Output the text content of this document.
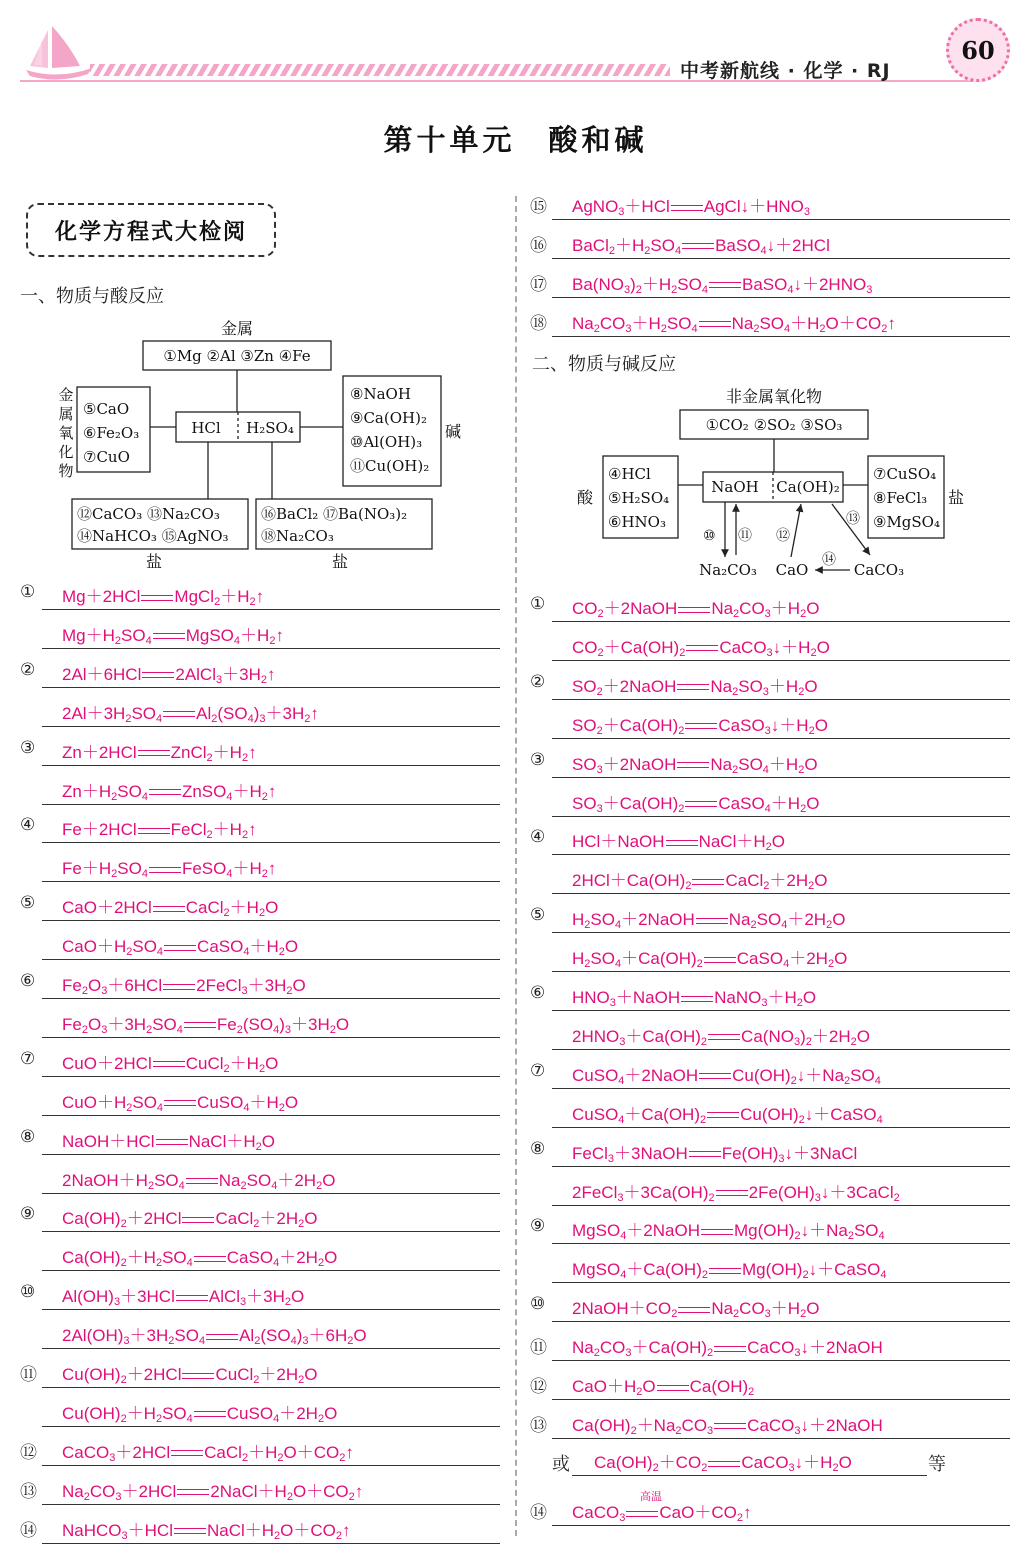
中考新航线 · 化学 · RJ
60
第十单元　酸和碱
化学方程式大检阅
一、物质与酸反应
金属
①Mg ②Al ③Zn ④Fe
金
属
氧
化
物
⑤CaO
⑥Fe₂O₃
⑦CuO
HCl H₂SO₄
⑧NaOH
⑨Ca(OH)₂
⑩Al(OH)₃
⑪Cu(OH)₂
碱
⑫CaCO₃ ⑬Na₂CO₃
⑭NaHCO₃ ⑮AgNO₃
盐
⑯BaCl₂ ⑰Ba(NO₃)₂
⑱Na₂CO₃
盐
① Mg＋2HCl $MgCl_2+H_2↑$
$Mg+H_2SO_4$ $MgSO_4+H_2↑$
② 2Al＋6HCl $2AlCl_3+3H_2↑$
$2Al+3H_2SO_4$ $Al_2(SO_4)_3+3H_2↑$
③ Zn＋2HCl $ZnCl_2+H_2↑$
$Zn+H_2SO_4$ $ZnSO_4+H_2↑$
④ Fe＋2HCl $FeCl_2+H_2↑$
$Fe+H_2SO_4$ $FeSO_4+H_2↑$
⑤ CaO＋2HCl $CaCl_2+H_2O$
$CaO+H_2SO_4$ $CaSO_4+H_2O$
⑥ $Fe_2O_3+6HCl$ $2FeCl_3+3H_2O$
$Fe_2O_3+3H_2SO_4$ $Fe_2(SO_4)_3+3H_2O$
⑦ CuO＋2HCl $CuCl_2+H_2O$
$CuO+H_2SO_4$ $CuSO_4+H_2O$
⑧ NaOH＋HCl $NaCl+H_2O$
$2NaOH+H_2SO_4$ $Na_2SO_4+2H_2O$
⑨ $Ca(OH)_2+2HCl$ $CaCl_2+2H_2O$
$Ca(OH)_2+H_2SO_4$ $CaSO_4+2H_2O$
⑩ $Al(OH)_3+3HCl$ $AlCl_3+3H_2O$
$2Al(OH)_3+3H_2SO_4$ $Al_2(SO_4)_3+6H_2O$
⑪ $Cu(OH)_2+2HCl$ $CuCl_2+2H_2O$
$Cu(OH)_2+H_2SO_4$ $CuSO_4+2H_2O$
⑫ CaCO$_3$＋2HCl $CaCl_2+H_2O+CO_2↑$
⑬ $Na_2CO_3+2HCl$ $2NaCl+H_2O+CO_2↑$
⑭ NaHCO$_3$＋HCl $NaCl+H_2O+CO_2↑$
⑮ AgNO$_3$＋HCl $AgCl↓+HNO_3$
⑯ $BaCl_2+H_2SO_4$ BaSO$_4$↓＋2HCl
⑰ $Ba(NO_3)_2+H_2SO_4$ $BaSO_4↓+2HNO_3$
⑱ $Na_2CO_3+H_2SO_4$ $Na_2SO_4+H_2O+CO_2↑$
二、物质与碱反应
非金属氧化物
①CO₂ ②SO₂ ③SO₃
酸
④HCl
⑤H₂SO₄
⑥HNO₃
NaOH Ca(OH)₂
⑦CuSO₄
⑧FeCl₃
⑨MgSO₄
盐
⑩ ⑪ ⑫
⑬
⑭
Na₂CO₃ CaO	CaCO₃
① $CO_2+2NaOH$ $Na_2CO_3+H_2O$
$CO_2+Ca(OH)_2$ $CaCO_3↓+H_2O$
② $SO_2+2NaOH$ $Na_2SO_3+H_2O$
$SO_2+Ca(OH)_2$ $CaSO_3↓+H_2O$
③ $SO_3+2NaOH$ $Na_2SO_4+H_2O$
$SO_3+Ca(OH)_2$ $CaSO_4+H_2O$
④ HCl＋NaOH $NaCl+H_2O$
$2HCl+Ca(OH)_2$ $CaCl_2+2H_2O$
⑤ $H_2SO_4+2NaOH$ $Na_2SO_4+2H_2O$
$H_2SO_4+Ca(OH)_2$ $CaSO_4+2H_2O$
⑥ $HNO_3+NaOH$ $NaNO_3+H_2O$
$2HNO_3+Ca(OH)_2$ $Ca(NO_3)_2+2H_2O$
⑦ CuSO$_4$＋2NaOH $Cu(OH)_2↓+Na_2SO_4$
$CuSO_4+Ca(OH)_2$ $Cu(OH)_2↓+CaSO_4$
⑧ FeCl$_3$＋3NaOH $Fe(OH)_3↓+3NaCl$
$2FeCl_3+3Ca(OH)_2$ $2Fe(OH)_3↓+3CaCl_2$
⑨ MgSO$_4$＋2NaOH $Mg(OH)_2↓+Na_2SO_4$
$MgSO_4+Ca(OH)_2$ $Mg(OH)_2↓+CaSO_4$
⑩ $2NaOH+CO_2$ $Na_2CO_3+H_2O$
⑪ $Na_2CO_3+Ca(OH)_2$ CaCO$_3$↓＋2NaOH
⑫ $CaO+H_2O$ $Ca(OH)_2$
⑬ $Ca(OH)_2+Na_2CO_3$ CaCO$_3$↓＋2NaOH
或 $Ca(OH)_2+CO_2$ $CaCO_3↓+H_2O$	等
⑭ CaCO$_3$ $CaO+CO_2↑$
高温
